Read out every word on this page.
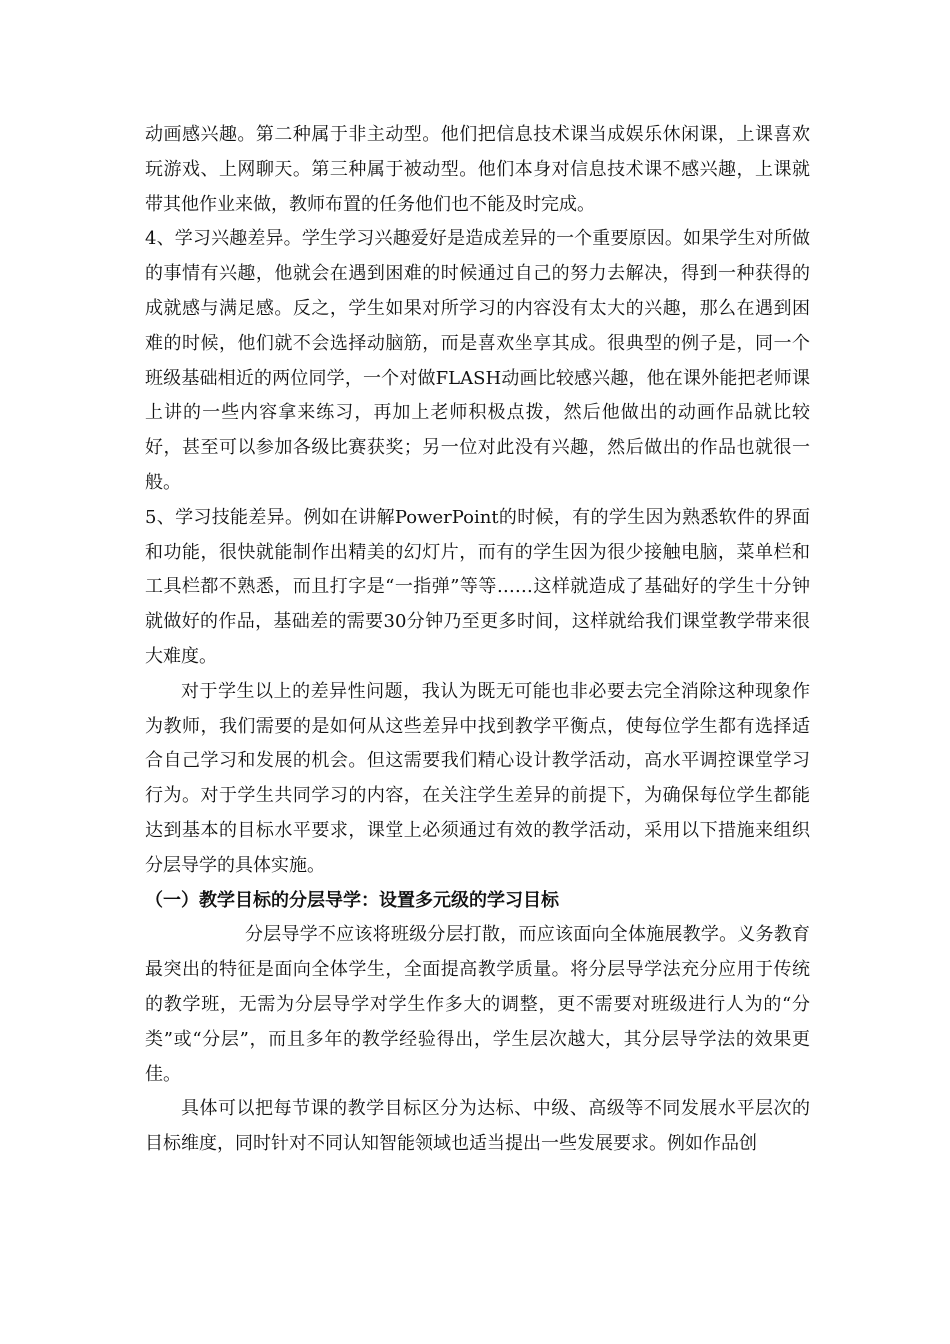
动画感兴趣。第二种属于非主动型。他们把信息技术课当成娱乐休闲课，上课喜欢玩游戏、上网聊天。第三种属于被动型。他们本身对信息技术课不感兴趣，上课就带其他作业来做，教师布置的任务他们也不能及时完成。

4、学习兴趣差异。学生学习兴趣爱好是造成差异的一个重要原因。如果学生对所做的事情有兴趣，他就会在遇到困难的时候通过自己的努力去解决，得到一种获得的成就感与满足感。反之，学生如果对所学习的内容没有太大的兴趣，那么在遇到困难的时候，他们就不会选择动脑筋，而是喜欢坐享其成。很典型的例子是，同一个班级基础相近的两位同学，一个对做FLASH动画比较感兴趣，他在课外能把老师课上讲的一些内容拿来练习，再加上老师积极点拨，然后他做出的动画作品就比较好，甚至可以参加各级比赛获奖；另一位对此没有兴趣，然后做出的作品也就很一般。

5、学习技能差异。例如在讲解PowerPoint的时候，有的学生因为熟悉软件的界面和功能，很快就能制作出精美的幻灯片，而有的学生因为很少接触电脑，菜单栏和工具栏都不熟悉，而且打字是“一指弹”等等……这样就造成了基础好的学生十分钟就做好的作品，基础差的需要30分钟乃至更多时间，这样就给我们课堂教学带来很大难度。

对于学生以上的差异性问题，我认为既无可能也非必要去完全消除这种现象作为教师，我们需要的是如何从这些差异中找到教学平衡点，使每位学生都有选择适合自己学习和发展的机会。但这需要我们精心设计教学活动，高水平调控课堂学习行为。对于学生共同学习的内容，在关注学生差异的前提下，为确保每位学生都能达到基本的目标水平要求，课堂上必须通过有效的教学活动，采用以下措施来组织分层导学的具体实施。

（一）教学目标的分层导学：设置多元级的学习目标

分层导学不应该将班级分层打散，而应该面向全体施展教学。义务教育最突出的特征是面向全体学生，全面提高教学质量。将分层导学法充分应用于传统的教学班，无需为分层导学对学生作多大的调整，更不需要对班级进行人为的“分类”或“分层”，而且多年的教学经验得出，学生层次越大，其分层导学法的效果更佳。

具体可以把每节课的教学目标区分为达标、中级、高级等不同发展水平层次的目标维度，同时针对不同认知智能领域也适当提出一些发展要求。例如作品创
